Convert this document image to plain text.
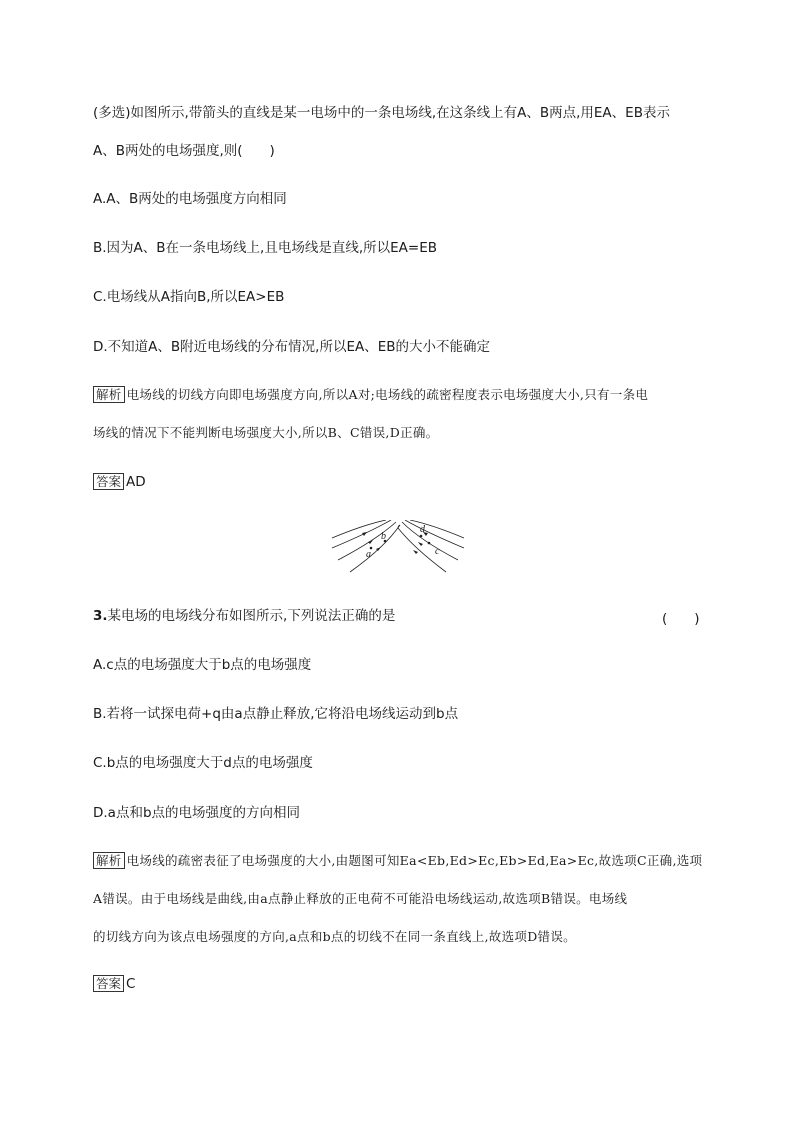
(多选)如图所示,带箭头的直线是某一电场中的一条电场线,在这条线上有A、B两点,用EA、EB表示
A、B两处的电场强度,则(　　)
A.A、B两处的电场强度方向相同
B.因为A、B在一条电场线上,且电场线是直线,所以EA=EB
C.电场线从A指向B,所以EA>EB
D.不知道A、B附近电场线的分布情况,所以EA、EB的大小不能确定
解析 电场线的切线方向即电场强度方向,所以A对;电场线的疏密程度表示电场强度大小,只有一条电
场线的情况下不能判断电场强度大小,所以B、C错误,D正确。
答案 AD
a
b
c
d
3.某电场的电场线分布如图所示,下列说法正确的是	(　　)
A.c点的电场强度大于b点的电场强度
B.若将一试探电荷+q由a点静止释放,它将沿电场线运动到b点
C.b点的电场强度大于d点的电场强度
D.a点和b点的电场强度的方向相同
解析 电场线的疏密表征了电场强度的大小,由题图可知Ea<Eb,Ed>Ec,Eb>Ed,Ea>Ec,故选项C正确,选项
A错误。由于电场线是曲线,由a点静止释放的正电荷不可能沿电场线运动,故选项B错误。电场线
的切线方向为该点电场强度的方向,a点和b点的切线不在同一条直线上,故选项D错误。
答案 C
